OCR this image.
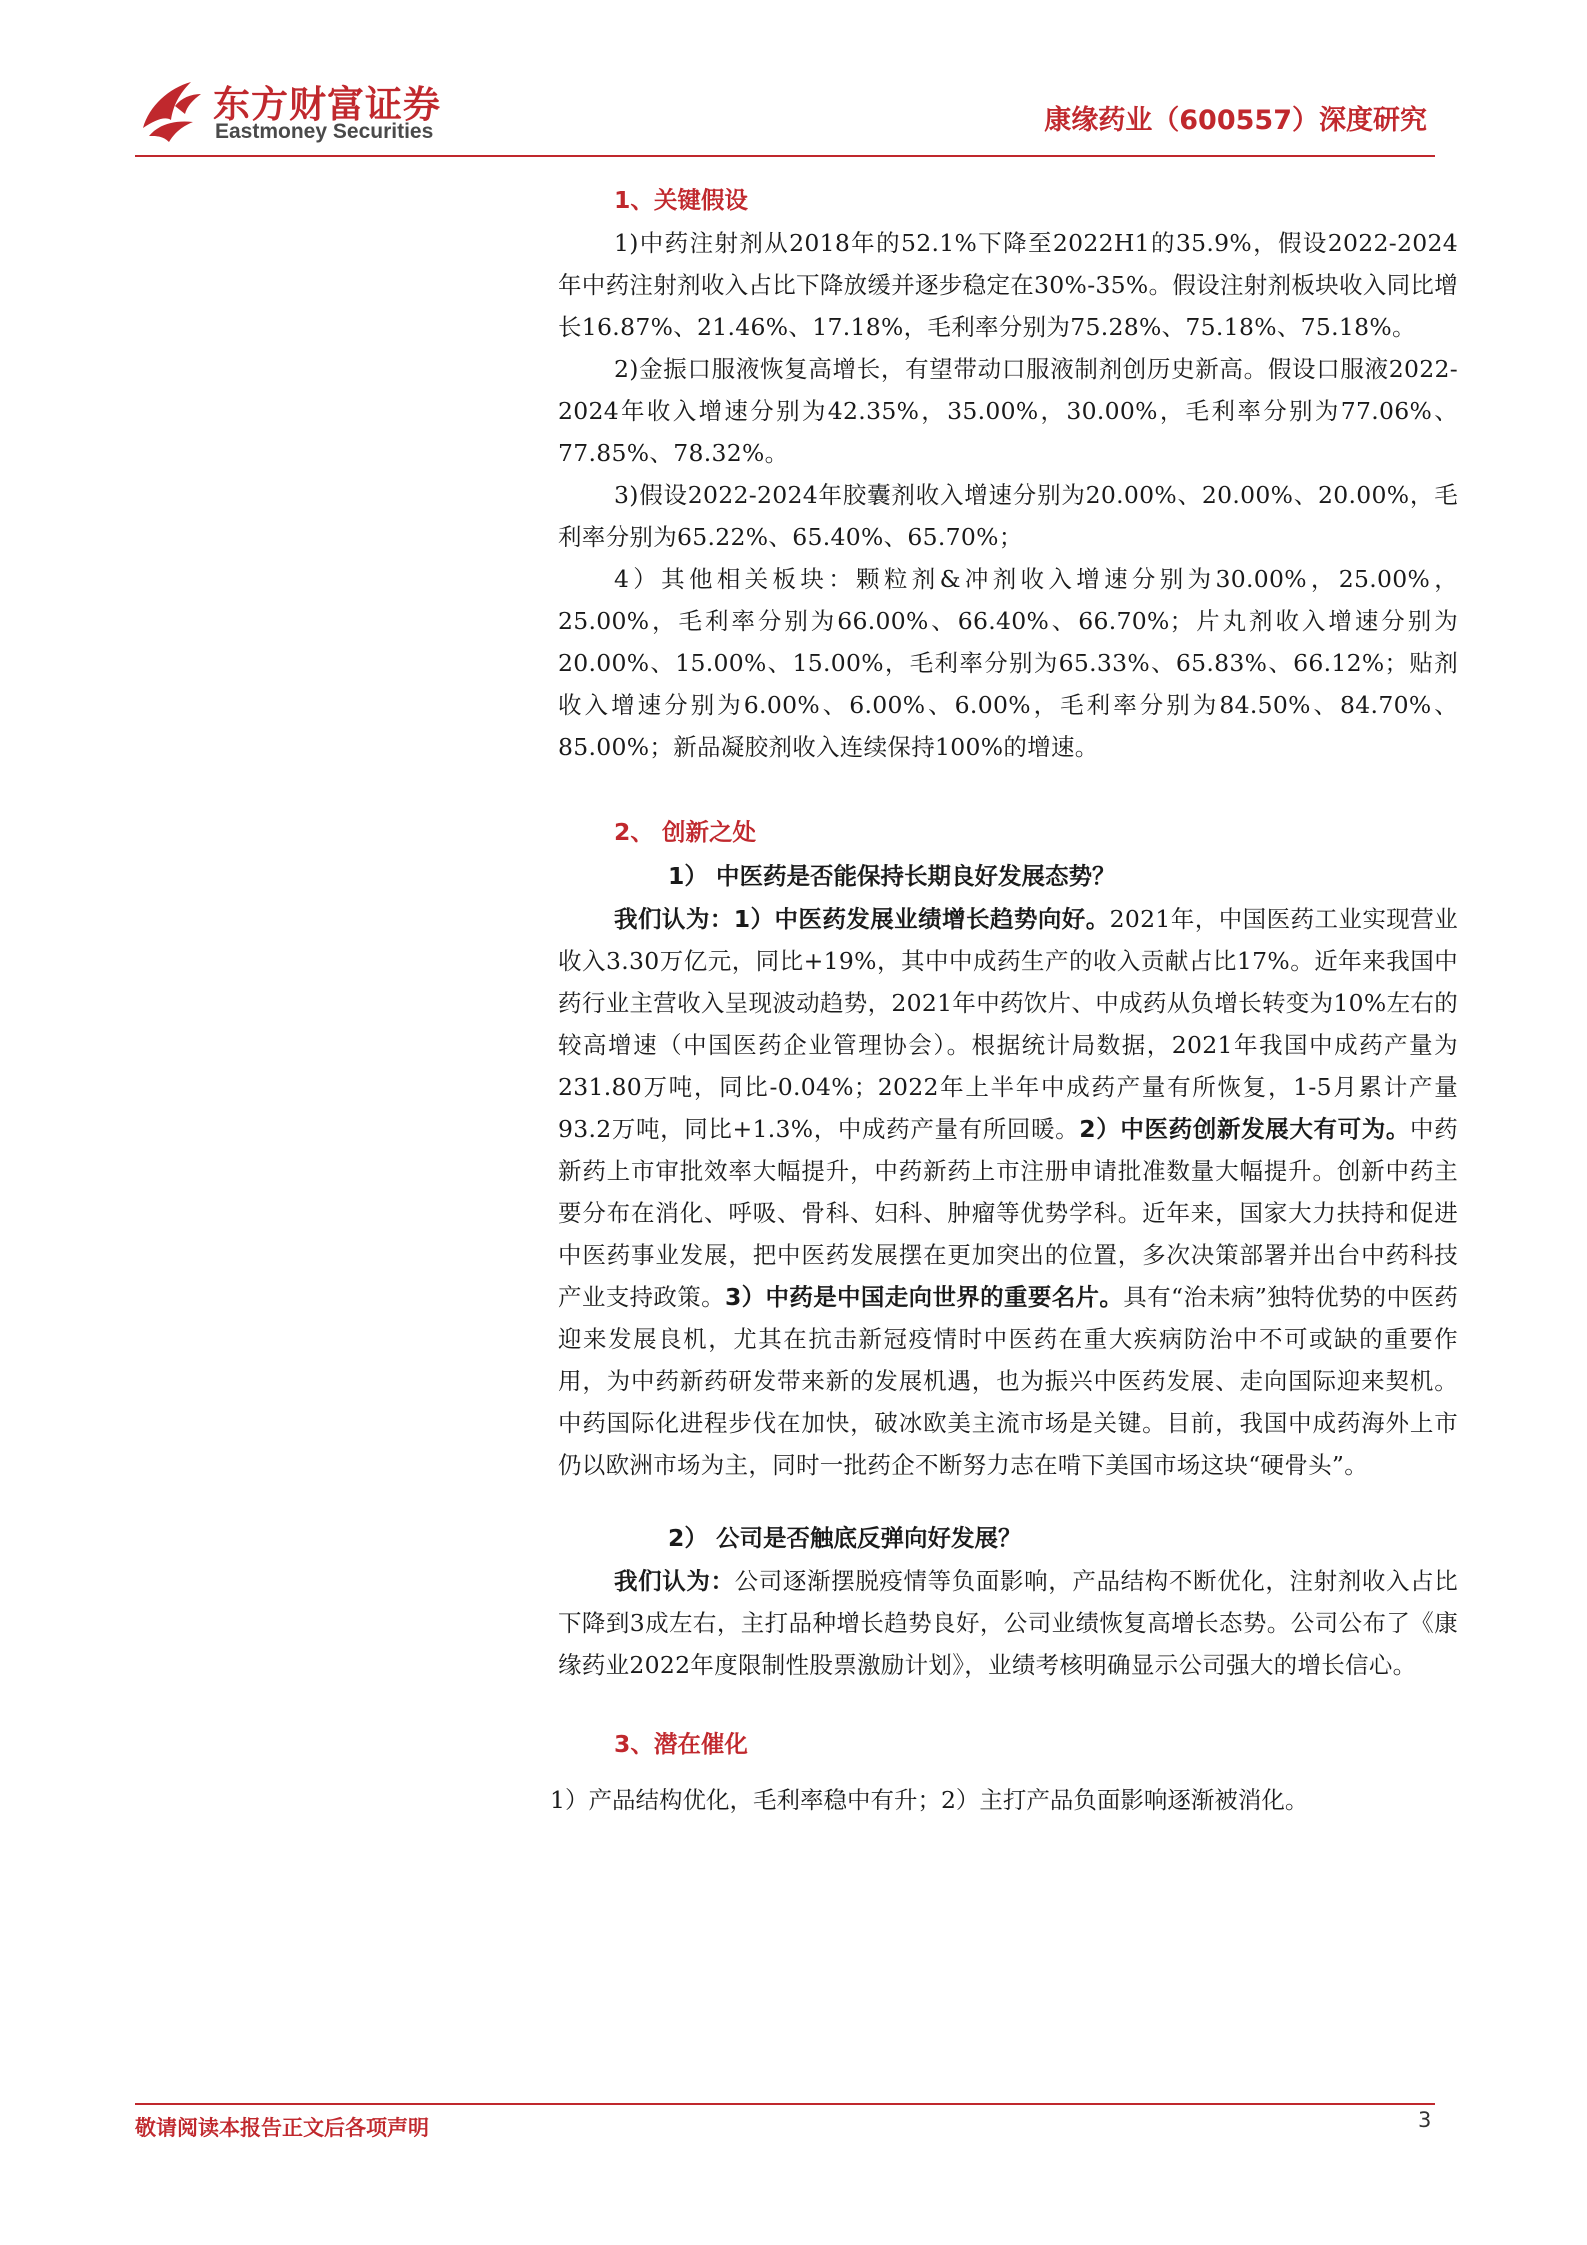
东方财富证券
Eastmoney Securities	康缘药业（600557）深度研究
1、关键假设

1)中药注射剂从2018年的52.1%下降至2022H1的35.9%，假设2022-2024年中药注射剂收入占比下降放缓并逐步稳定在30%-35%。假设注射剂板块收入同比增长16.87%、21.46%、17.18%，毛利率分别为75.28%、75.18%、75.18%。

2)金振口服液恢复高增长，有望带动口服液制剂创历史新高。假设口服液2022-2024年收入增速分别为42.35%，35.00%，30.00%，毛利率分别为77.06%、77.85%、78.32%。

3)假设2022-2024年胶囊剂收入增速分别为20.00%、20.00%、20.00%，毛利率分别为65.22%、65.40%、65.70%；

4）其他相关板块：颗粒剂&冲剂收入增速分别为30.00%，25.00%，25.00%，毛利率分别为66.00%、66.40%、66.70%；片丸剂收入增速分别为20.00%、15.00%、15.00%，毛利率分别为65.33%、65.83%、66.12%；贴剂收入增速分别为6.00%、6.00%、6.00%，毛利率分别为84.50%、84.70%、85.00%；新品凝胶剂收入连续保持100%的增速。

2、 创新之处
1） 中医药是否能保持长期良好发展态势？

我们认为：1）中医药发展业绩增长趋势向好。2021年，中国医药工业实现营业收入3.30万亿元，同比+19%，其中中成药生产的收入贡献占比17%。近年来我国中药行业主营收入呈现波动趋势，2021年中药饮片、中成药从负增长转变为10%左右的较高增速（中国医药企业管理协会）。根据统计局数据，2021年我国中成药产量为231.80万吨，同比-0.04%；2022年上半年中成药产量有所恢复，1-5月累计产量93.2万吨，同比+1.3%，中成药产量有所回暖。2）中医药创新发展大有可为。中药新药上市审批效率大幅提升，中药新药上市注册申请批准数量大幅提升。创新中药主要分布在消化、呼吸、骨科、妇科、肿瘤等优势学科。近年来，国家大力扶持和促进中医药事业发展，把中医药发展摆在更加突出的位置，多次决策部署并出台中药科技产业支持政策。3）中药是中国走向世界的重要名片。具有“治未病”独特优势的中医药迎来发展良机，尤其在抗击新冠疫情时中医药在重大疾病防治中不可或缺的重要作用，为中药新药研发带来新的发展机遇，也为振兴中医药发展、走向国际迎来契机。中药国际化进程步伐在加快，破冰欧美主流市场是关键。目前，我国中成药海外上市仍以欧洲市场为主，同时一批药企不断努力志在啃下美国市场这块“硬骨头”。

2） 公司是否触底反弹向好发展？

我们认为：公司逐渐摆脱疫情等负面影响，产品结构不断优化，注射剂收入占比下降到3成左右，主打品种增长趋势良好，公司业绩恢复高增长态势。公司公布了《康缘药业2022年度限制性股票激励计划》，业绩考核明确显示公司强大的增长信心。

3、潜在催化

1）产品结构优化，毛利率稳中有升；2）主打产品负面影响逐渐被消化。

敬请阅读本报告正文后各项声明	3
